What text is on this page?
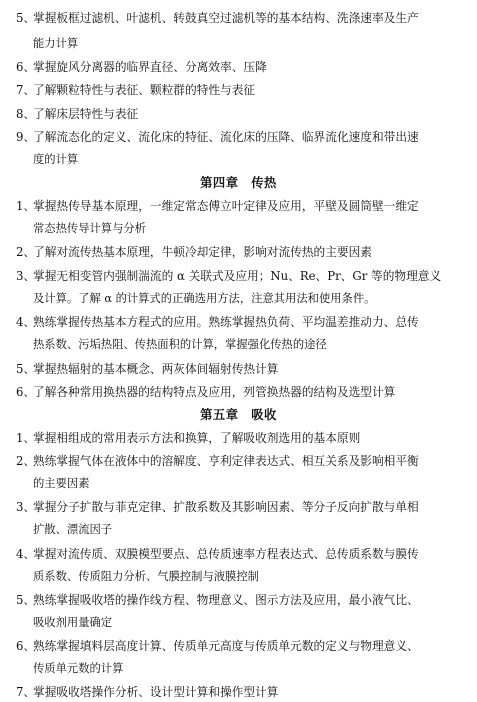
5、掌握板框过滤机、叶滤机、转鼓真空过滤机等的基本结构、洗涤速率及生产
能力计算
6、掌握旋风分离器的临界直径、分离效率、压降
7、了解颗粒特性与表征、颗粒群的特性与表征
8、了解床层特性与表征
9、了解流态化的定义、流化床的特征、流化床的压降、临界流化速度和带出速
度的计算
第四章　传热
1、掌握热传导基本原理，一维定常态傅立叶定律及应用，平壁及圆筒壁一维定
常态热传导计算与分析
2、了解对流传热基本原理，牛顿冷却定律，影响对流传热的主要因素
3、掌握无相变管内强制湍流的 α 关联式及应用；Nu、Re、Pr、Gr 等的物理意义
及计算。了解 α 的计算式的正确选用方法，注意其用法和使用条件。
4、熟练掌握传热基本方程式的应用。熟练掌握热负荷、平均温差推动力、总传
热系数、污垢热阻、传热面积的计算，掌握强化传热的途径
5、掌握热辐射的基本概念、两灰体间辐射传热计算
6、了解各种常用换热器的结构特点及应用，列管换热器的结构及选型计算
第五章　吸收
1、掌握相组成的常用表示方法和换算，了解吸收剂选用的基本原则
2、熟练掌握气体在液体中的溶解度、亨利定律表达式、相互关系及影响相平衡
的主要因素
3、掌握分子扩散与菲克定律、扩散系数及其影响因素、等分子反向扩散与单相
扩散、漂流因子
4、掌握对流传质、双膜模型要点、总传质速率方程表达式、总传质系数与膜传
质系数、传质阻力分析、气膜控制与液膜控制
5、熟练掌握吸收塔的操作线方程、物理意义、图示方法及应用，最小液气比、
吸收剂用量确定
6、熟练掌握填料层高度计算、传质单元高度与传质单元数的定义与物理意义、
传质单元数的计算
7、掌握吸收塔操作分析、设计型计算和操作型计算
